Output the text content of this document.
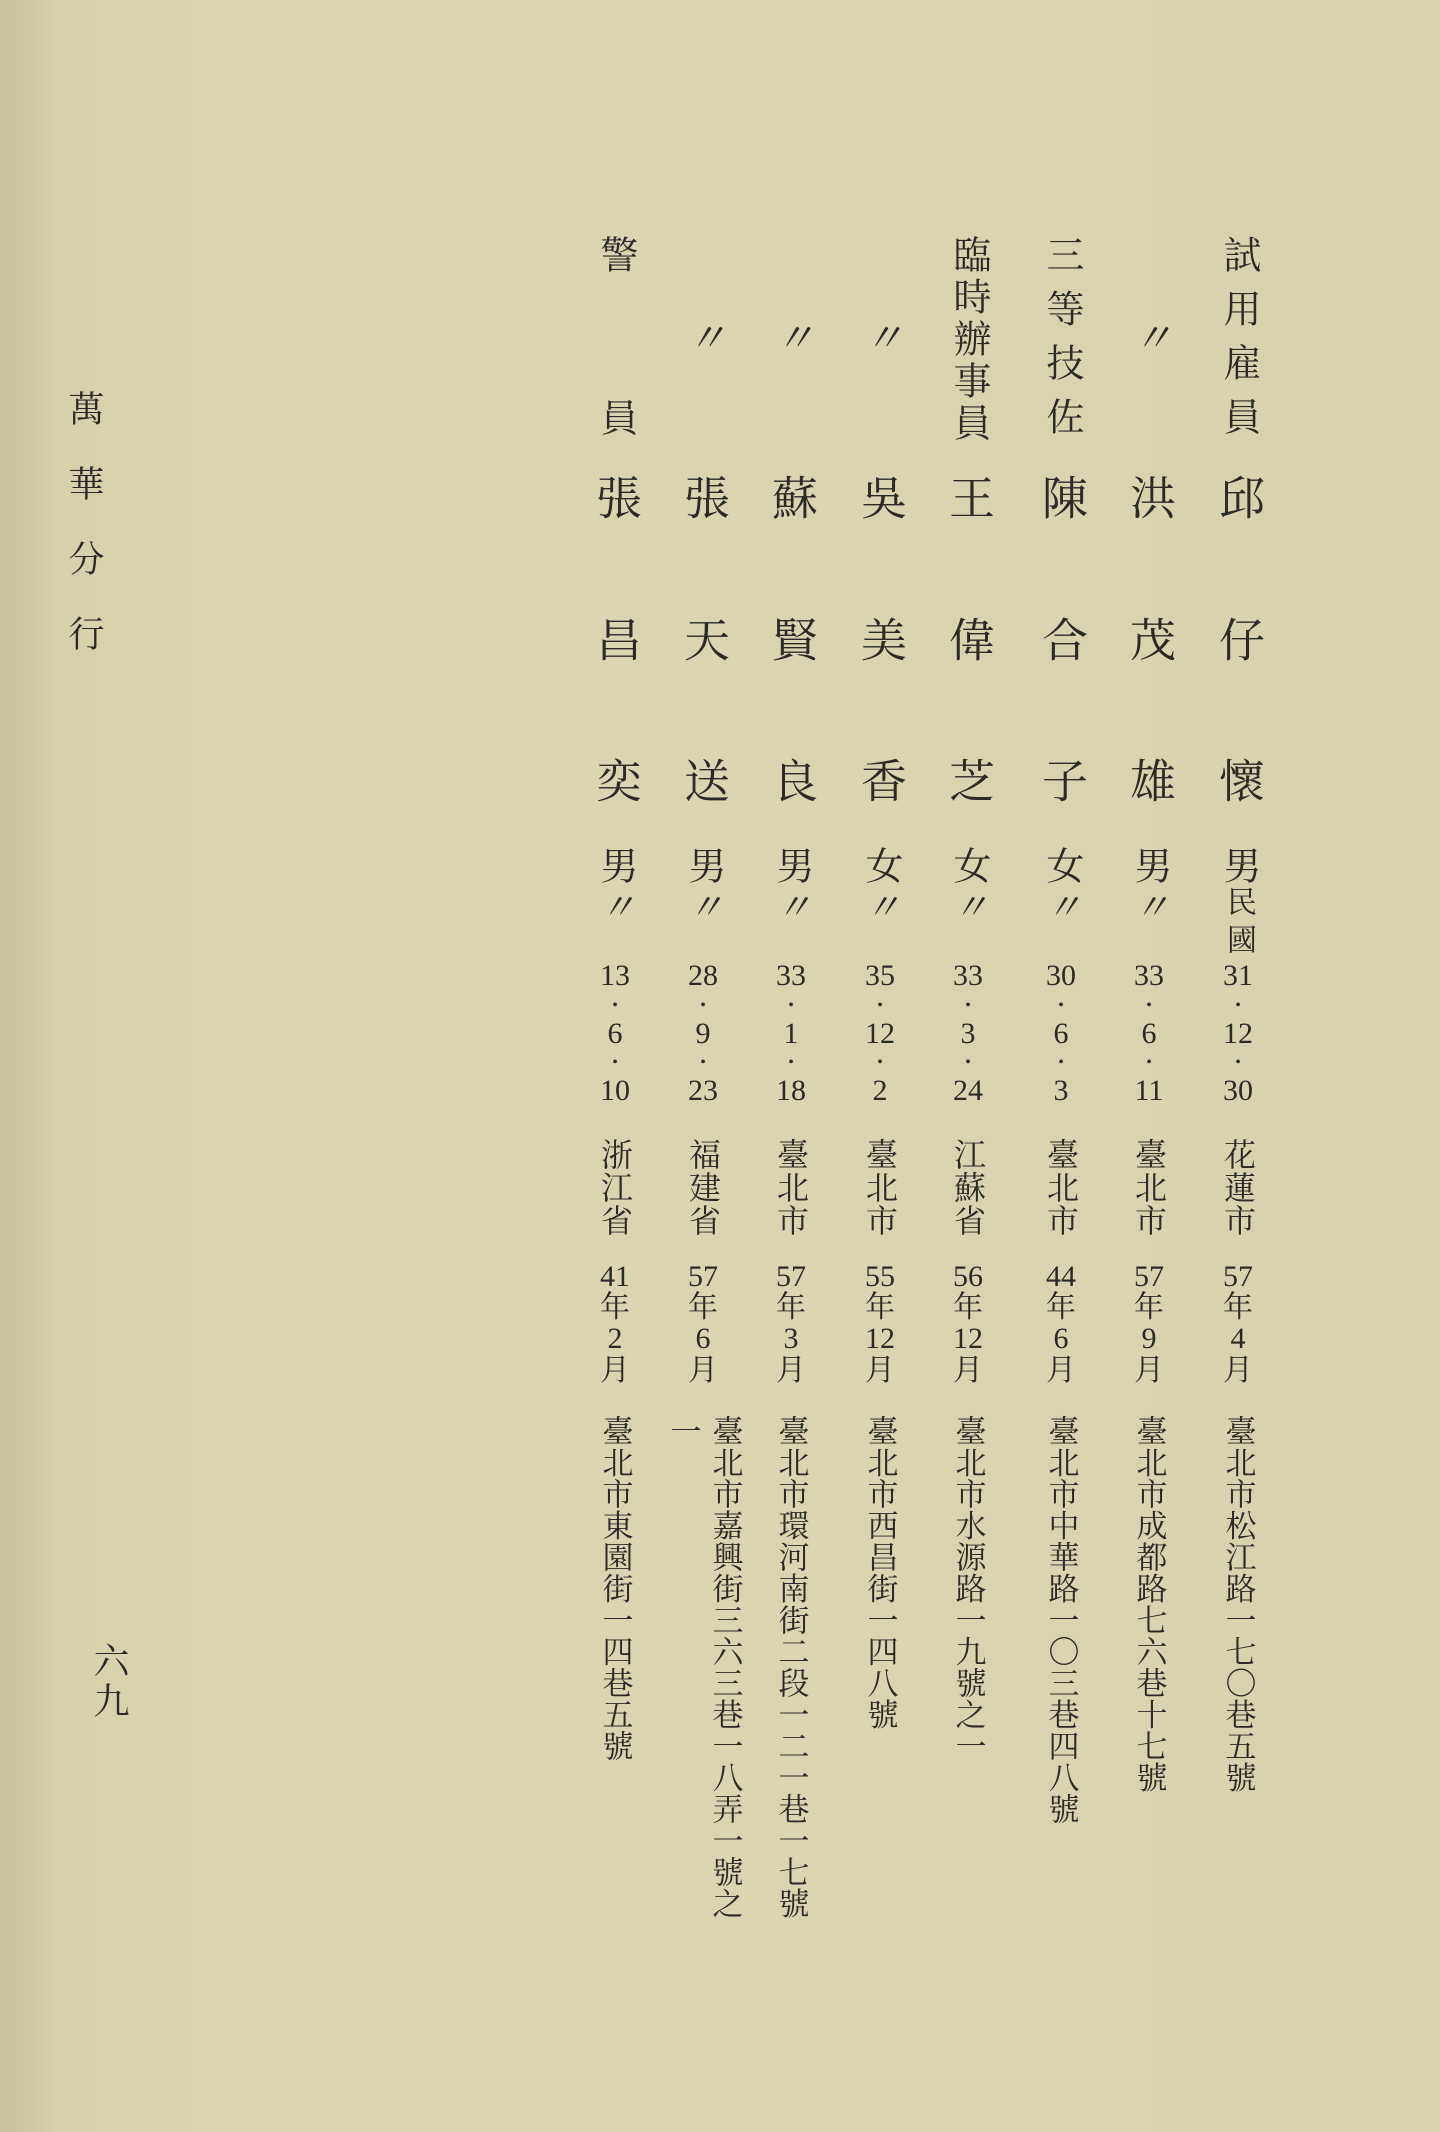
萬華分行
六九
試用雇員
邱
仔
懷
男
民國
31
12
30
•
•
花蓮市
57
年
4
月
臺北市松江路一七〇巷五號
〃
洪
茂
雄
男
〃
33
6
11
•
•
臺北市
57
年
9
月
臺北市成都路七六巷十七號
三等技佐
陳
合
子
女
〃
30
6
3
•
•
臺北市
44
年
6
月
臺北市中華路一〇三巷四八號
臨時辦事員
王
偉
芝
女
〃
33
3
24
•
•
江蘇省
56
年
12
月
臺北市水源路一九號之一
〃
吳
美
香
女
〃
35
12
2
•
•
臺北市
55
年
12
月
臺北市西昌街一四八號
〃
蘇
賢
良
男
〃
33
1
18
•
•
臺北市
57
年
3
月
臺北市環河南街二段一二一巷一七號
〃
張
天
送
男
〃
28
9
23
•
•
福建省
57
年
6
月
臺北市嘉興街三六三巷一八弄一號之
一
警員
張
昌
奕
男
〃
13
6
10
•
•
浙江省
41
年
2
月
臺北市東園街一四巷五號
